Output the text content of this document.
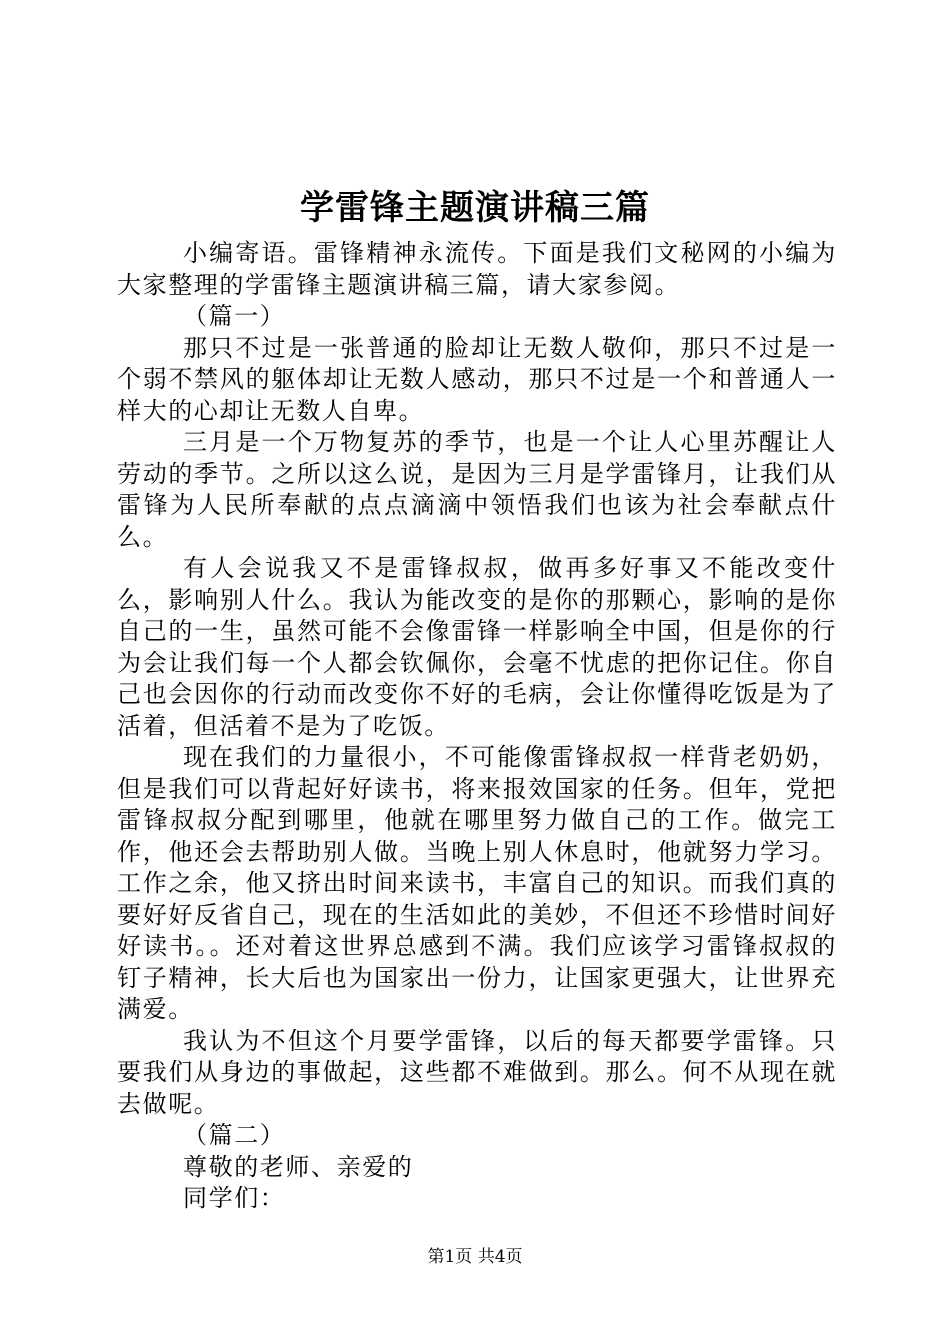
学雷锋主题演讲稿三篇

小编寄语。雷锋精神永流传。下面是我们文秘网的小编为大家整理的学雷锋主题演讲稿三篇，请大家参阅。

（篇一）

那只不过是一张普通的脸却让无数人敬仰，那只不过是一个弱不禁风的躯体却让无数人感动，那只不过是一个和普通人一样大的心却让无数人自卑。

三月是一个万物复苏的季节，也是一个让人心里苏醒让人劳动的季节。之所以这么说，是因为三月是学雷锋月，让我们从雷锋为人民所奉献的点点滴滴中领悟我们也该为社会奉献点什么。

有人会说我又不是雷锋叔叔，做再多好事又不能改变什么，影响别人什么。我认为能改变的是你的那颗心，影响的是你自己的一生，虽然可能不会像雷锋一样影响全中国，但是你的行为会让我们每一个人都会钦佩你，会毫不忧虑的把你记住。你自己也会因你的行动而改变你不好的毛病，会让你懂得吃饭是为了活着，但活着不是为了吃饭。

现在我们的力量很小，不可能像雷锋叔叔一样背老奶奶，但是我们可以背起好好读书，将来报效国家的任务。但年，党把雷锋叔叔分配到哪里，他就在哪里努力做自己的工作。做完工作，他还会去帮助别人做。当晚上别人休息时，他就努力学习。工作之余，他又挤出时间来读书，丰富自己的知识。而我们真的要好好反省自己，现在的生活如此的美妙，不但还不珍惜时间好好读书。。还对着这世界总感到不满。我们应该学习雷锋叔叔的钉子精神，长大后也为国家出一份力，让国家更强大，让世界充满爱。

我认为不但这个月要学雷锋，以后的每天都要学雷锋。只要我们从身边的事做起，这些都不难做到。那么。何不从现在就去做呢。

（篇二）

尊敬的老师、亲爱的

同学们：

第1页 共4页
